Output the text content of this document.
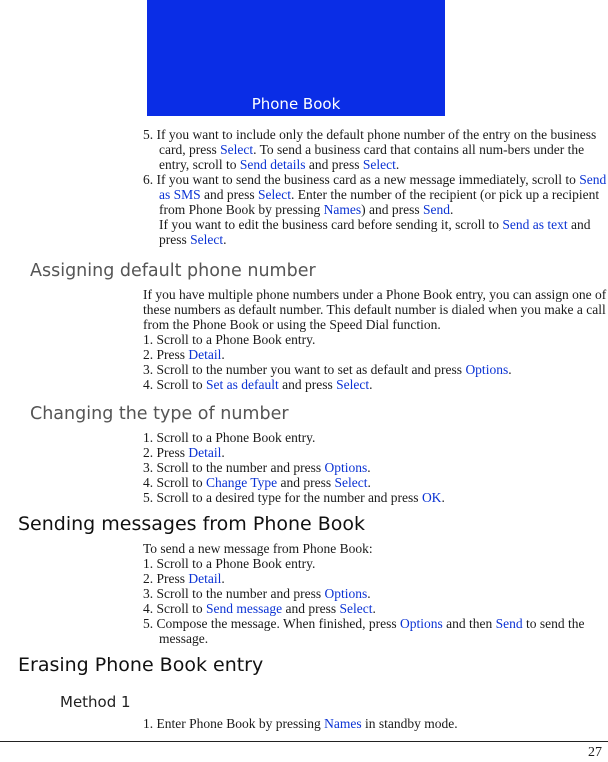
Phone Book

5. If you want to include only the default phone number of the entry on the business card, press Select. To send a business card that contains all num-bers under the entry, scroll to Send details and press Select.

6. If you want to send the business card as a new message immediately, scroll to Send as SMS and press Select. Enter the number of the recipient (or pick up a recipient from Phone Book by pressing Names) and press Send.

If you want to edit the business card before sending it, scroll to Send as text and press Select.

Assigning default phone number

If you have multiple phone numbers under a Phone Book entry, you can assign one of these numbers as default number. This default number is dialed when you make a call from the Phone Book or using the Speed Dial function.

1. Scroll to a Phone Book entry.

2. Press Detail.

3. Scroll to the number you want to set as default and press Options.

4. Scroll to Set as default and press Select.

Changing the type of number

1. Scroll to a Phone Book entry.

2. Press Detail.

3. Scroll to the number and press Options.

4. Scroll to Change Type and press Select.

5. Scroll to a desired type for the number and press OK.

Sending messages from Phone Book

To send a new message from Phone Book:

1. Scroll to a Phone Book entry.

2. Press Detail.

3. Scroll to the number and press Options.

4. Scroll to Send message and press Select.

5. Compose the message. When finished, press Options and then Send to send the message.

Erasing Phone Book entry
Method 1

1. Enter Phone Book by pressing Names in standby mode.

27
